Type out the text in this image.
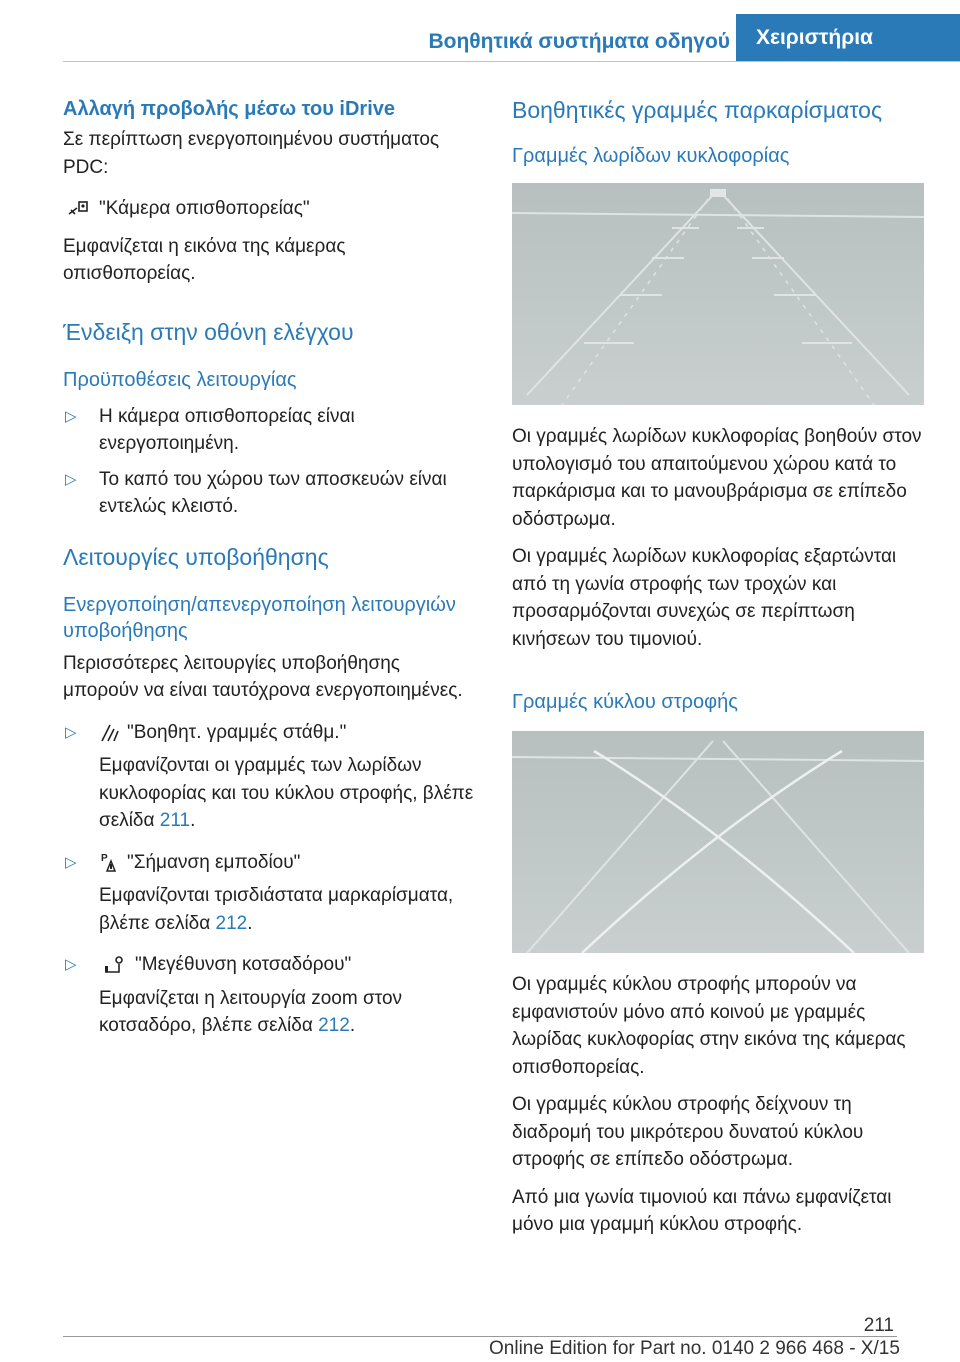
Βοηθητικά συστήματα οδηγού	Χειριστήρια
Αλλαγή προβολής μέσω του iDrive

Σε περίπτωση ενεργοποιημένου συστήματος PDC:

"Κάμερα οπισθοπορείας"

Εμφανίζεται η εικόνα της κάμερας οπισθοπορείας.

Ένδειξη στην οθόνη ελέγχου
Προϋποθέσεις λειτουργίας
▷ Η κάμερα οπισθοπορείας είναι ενεργοποιημένη.
▷ Το καπό του χώρου των αποσκευών είναι εντελώς κλειστό.
Λειτουργίες υποβοήθησης
Ενεργοποίηση/απενεργοποίηση λειτουργιών υποβοήθησης

Περισσότερες λειτουργίες υποβοήθησης μπορούν να είναι ταυτόχρονα ενεργοποιημένες.

▷	"Βοηθητ. γραμμές στάθμ."
Εμφανίζονται οι γραμμές των λωρίδων κυκλοφορίας και του κύκλου στροφής, βλέπε σελίδα 211.
▷ P "Σήμανση εμποδίου"
Εμφανίζονται τρισδιάστατα μαρκαρίσματα, βλέπε σελίδα 212.
▷	"Μεγέθυνση κοτσαδόρου"
Εμφανίζεται η λειτουργία zoom στον κοτσαδόρο, βλέπε σελίδα 212.
Βοηθητικές γραμμές παρκαρίσματος
Γραμμές λωρίδων κυκλοφορίας

Οι γραμμές λωρίδων κυκλοφορίας βοηθούν στον υπολογισμό του απαιτούμενου χώρου κατά το παρκάρισμα και το μανουβράρισμα σε επίπεδο οδόστρωμα.

Οι γραμμές λωρίδων κυκλοφορίας εξαρτώνται από τη γωνία στροφής των τροχών και προσαρμόζονται συνεχώς σε περίπτωση κινήσεων του τιμονιού.

Γραμμές κύκλου στροφής

Οι γραμμές κύκλου στροφής μπορούν να εμφανιστούν μόνο από κοινού με γραμμές λωρίδας κυκλοφορίας στην εικόνα της κάμερας οπισθοπορείας.

Οι γραμμές κύκλου στροφής δείχνουν τη διαδρομή του μικρότερου δυνατού κύκλου στροφής σε επίπεδο οδόστρωμα.

Από μια γωνία τιμονιού και πάνω εμφανίζεται μόνο μια γραμμή κύκλου στροφής.

211
Online Edition for Part no. 0140 2 966 468 - X/15
